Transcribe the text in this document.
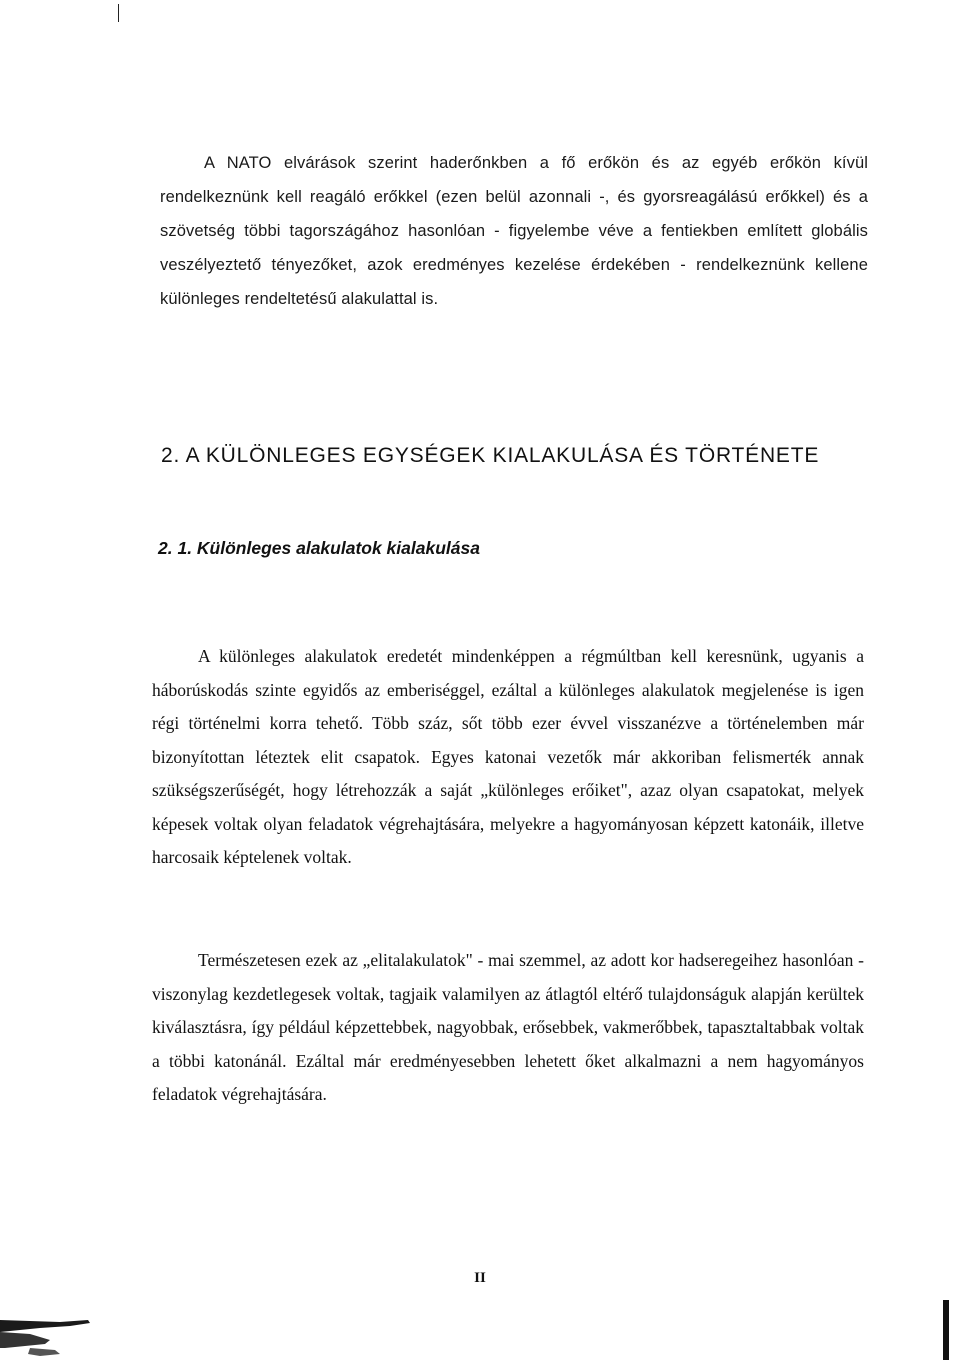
A NATO elvárások szerint haderőnkben a fő erőkön és az egyéb erőkön kívül rendelkeznünk kell reagáló erőkkel (ezen belül azonnali -, és gyorsreagálású erőkkel) és a szövetség többi tagországához hasonlóan - figyelembe véve a fentiekben említett globális veszélyeztető tényezőket, azok eredményes kezelése érdekében - rendelkeznünk kellene különleges rendeltetésű alakulattal is.

2. A KÜLÖNLEGES EGYSÉGEK KIALAKULÁSA ÉS TÖRTÉNETE
2. 1. Különleges alakulatok kialakulása

A különleges alakulatok eredetét mindenképpen a régmúltban kell keresnünk, ugyanis a háborúskodás szinte egyidős az emberiséggel, ezáltal a különleges alakulatok megjelenése is igen régi történelmi korra tehető. Több száz, sőt több ezer évvel visszanézve a történelemben már bizonyítottan léteztek elit csapatok. Egyes katonai vezetők már akkoriban felismerték annak szükségszerűségét, hogy létrehozzák a saját „különleges erőiket", azaz olyan csapatokat, melyek képesek voltak olyan feladatok végrehajtására, melyekre a hagyományosan képzett katonáik, illetve harcosaik képtelenek voltak.

Természetesen ezek az „elitalakulatok" - mai szemmel, az adott kor hadseregeihez hasonlóan - viszonylag kezdetlegesek voltak, tagjaik valamilyen az átlagtól eltérő tulajdonságuk alapján kerültek kiválasztásra, így például képzettebbek, nagyobbak, erősebbek, vakmerőbbek, tapasztaltabbak voltak a többi katonánál. Ezáltal már eredményesebben lehetett őket alkalmazni a nem hagyományos feladatok végrehajtására.

II
